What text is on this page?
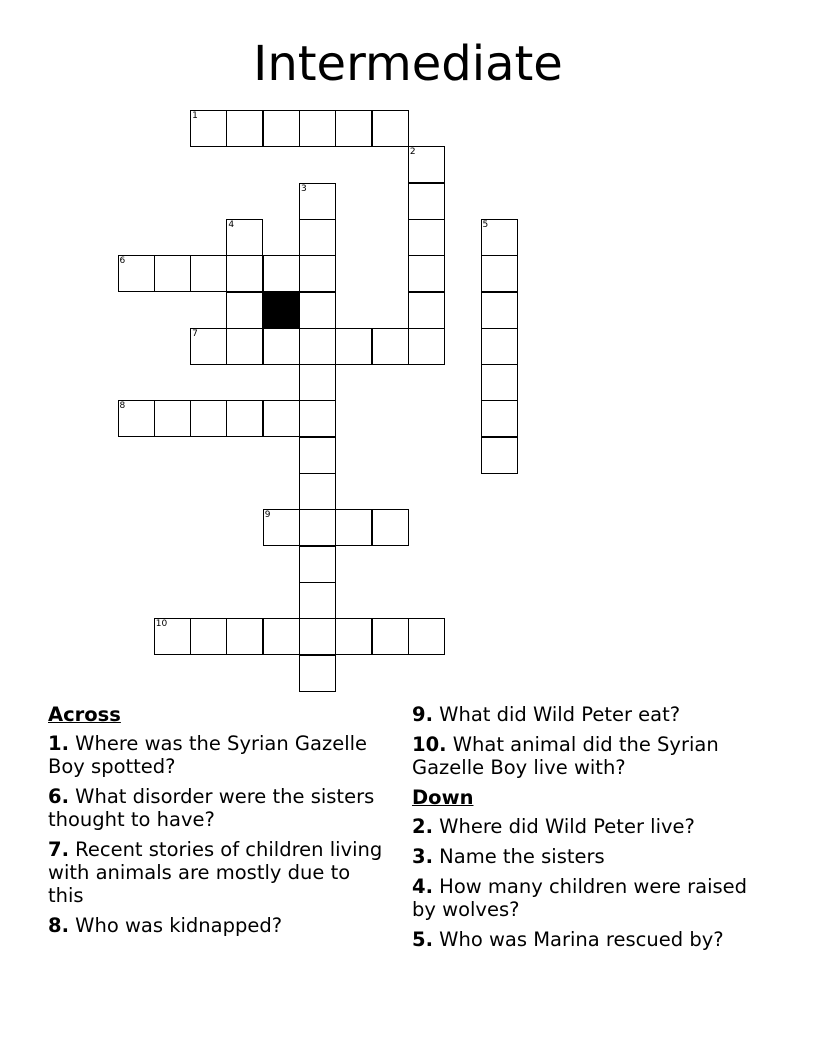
Intermediate
1
2
3
4	5
6
7
8
9
10
Across
1. Where was the Syrian Gazelle Boy spotted?
6. What disorder were the sisters thought to have?
7. Recent stories of children living with animals are mostly due to this
8. Who was kidnapped?
9. What did Wild Peter eat?
10. What animal did the Syrian Gazelle Boy live with?
Down
2. Where did Wild Peter live?
3. Name the sisters
4. How many children were raised by wolves?
5. Who was Marina rescued by?
